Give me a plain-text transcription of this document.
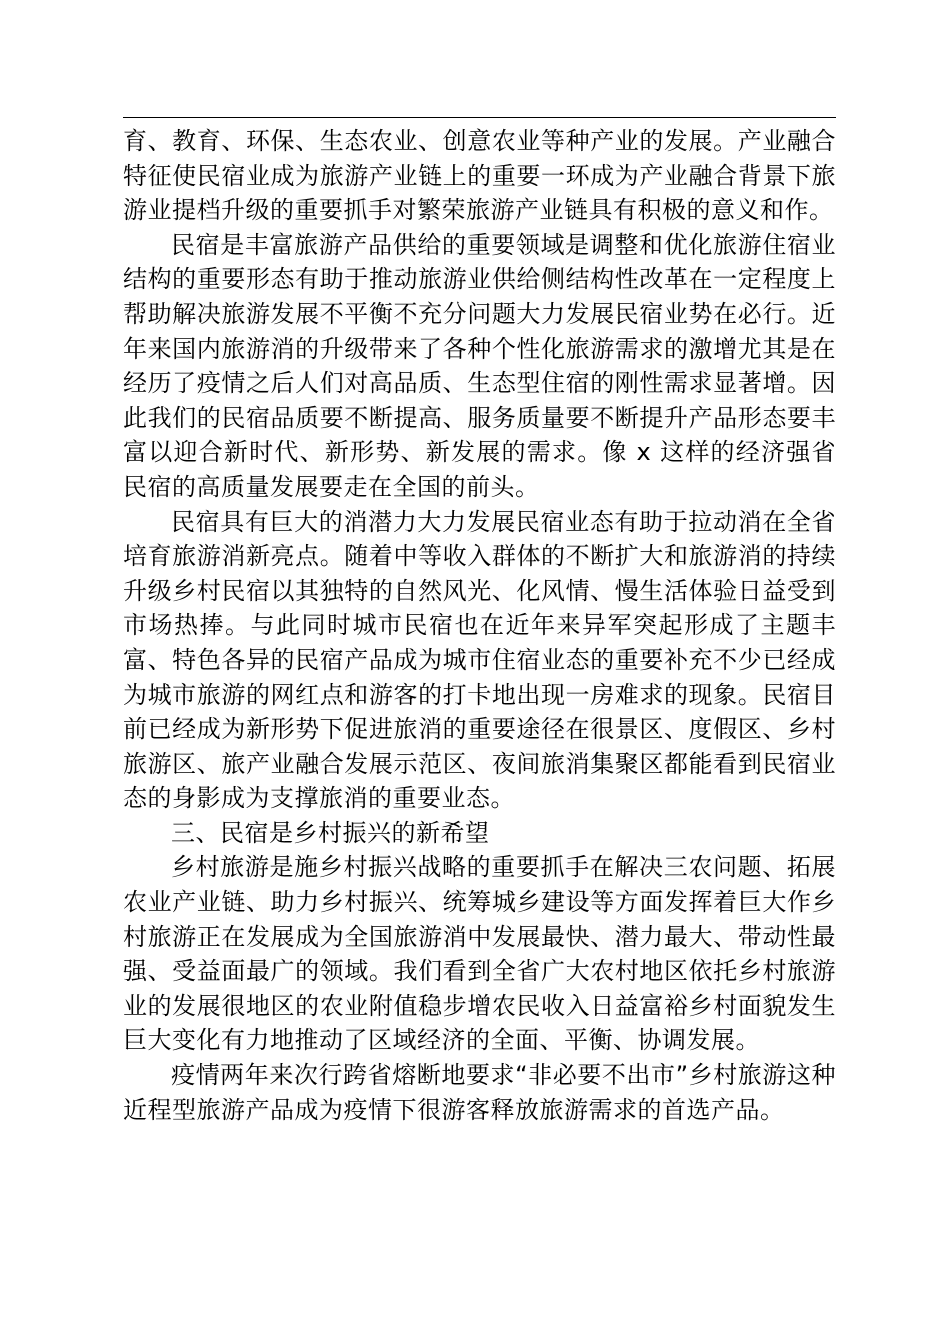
育、教育、环保、生态农业、创意农业等种产业的发展。产业融合特征使民宿业成为旅游产业链上的重要一环成为产业融合背景下旅游业提档升级的重要抓手对繁荣旅游产业链具有积极的意义和作。

民宿是丰富旅游产品供给的重要领域是调整和优化旅游住宿业结构的重要形态有助于推动旅游业供给侧结构性改革在一定程度上帮助解决旅游发展不平衡不充分问题大力发展民宿业势在必行。近年来国内旅游消的升级带来了各种个性化旅游需求的激增尤其是在经历了疫情之后人们对高品质、生态型住宿的刚性需求显著增。因此我们的民宿品质要不断提高、服务质量要不断提升产品形态要丰富以迎合新时代、新形势、新发展的需求。像 x 这样的经济强省民宿的高质量发展要走在全国的前头。

民宿具有巨大的消潜力大力发展民宿业态有助于拉动消在全省培育旅游消新亮点。随着中等收入群体的不断扩大和旅游消的持续升级乡村民宿以其独特的自然风光、化风情、慢生活体验日益受到市场热捧。与此同时城市民宿也在近年来异军突起形成了主题丰富、特色各异的民宿产品成为城市住宿业态的重要补充不少已经成为城市旅游的网红点和游客的打卡地出现一房难求的现象。民宿目前已经成为新形势下促进旅消的重要途径在很景区、度假区、乡村旅游区、旅产业融合发展示范区、夜间旅消集聚区都能看到民宿业态的身影成为支撑旅消的重要业态。

三、民宿是乡村振兴的新希望

乡村旅游是施乡村振兴战略的重要抓手在解决三农问题、拓展农业产业链、助力乡村振兴、统筹城乡建设等方面发挥着巨大作乡村旅游正在发展成为全国旅游消中发展最快、潜力最大、带动性最强、受益面最广的领域。我们看到全省广大农村地区依托乡村旅游业的发展很地区的农业附值稳步增农民收入日益富裕乡村面貌发生巨大变化有力地推动了区域经济的全面、平衡、协调发展。

疫情两年来次行跨省熔断地要求“非必要不出市”乡村旅游这种近程型旅游产品成为疫情下很游客释放旅游需求的首选产品。
